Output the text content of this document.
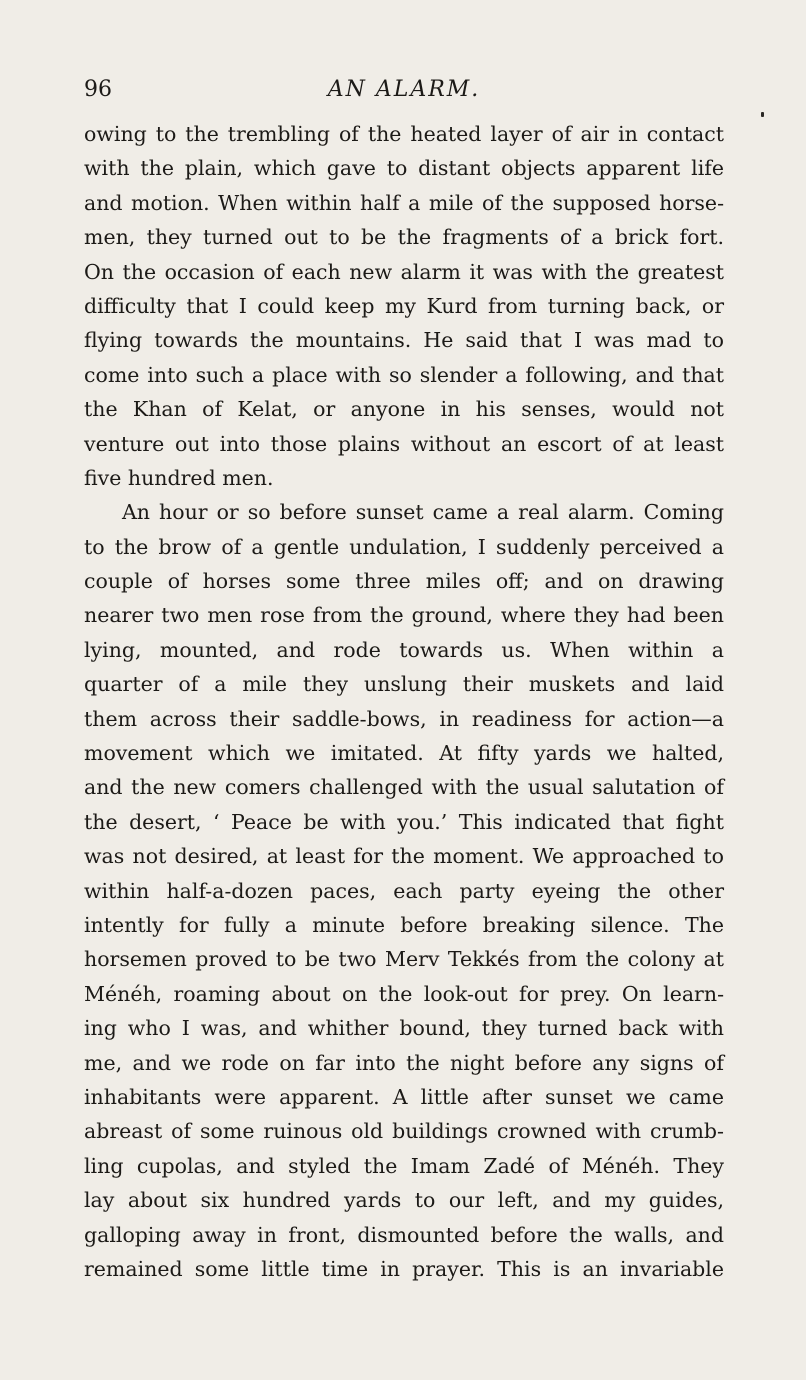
96	AN ALARM.
owing to the trembling of the heated layer of air in contact
with the plain, which gave to distant objects apparent life
and motion. When within half a mile of the supposed horse-
men, they turned out to be the fragments of a brick fort.
On the occasion of each new alarm it was with the greatest
difficulty that I could keep my Kurd from turning back, or
flying towards the mountains. He said that I was mad to
come into such a place with so slender a following, and that
the Khan of Kelat, or anyone in his senses, would not
venture out into those plains without an escort of at least
five hundred men.
An hour or so before sunset came a real alarm. Coming
to the brow of a gentle undulation, I suddenly perceived a
couple of horses some three miles off; and on drawing
nearer two men rose from the ground, where they had been
lying, mounted, and rode towards us. When within a
quarter of a mile they unslung their muskets and laid
them across their saddle-bows, in readiness for action—a
movement which we imitated. At fifty yards we halted,
and the new comers challenged with the usual salutation of
the desert, ‘ Peace be with you.’ This indicated that fight
was not desired, at least for the moment. We approached to
within half-a-dozen paces, each party eyeing the other
intently for fully a minute before breaking silence. The
horsemen proved to be two Merv Tekkés from the colony at
Ménéh, roaming about on the look-out for prey. On learn-
ing who I was, and whither bound, they turned back with
me, and we rode on far into the night before any signs of
inhabitants were apparent. A little after sunset we came
abreast of some ruinous old buildings crowned with crumb-
ling cupolas, and styled the Imam Zadé of Ménéh. They
lay about six hundred yards to our left, and my guides,
galloping away in front, dismounted before the walls, and
remained some little time in prayer. This is an invariable
